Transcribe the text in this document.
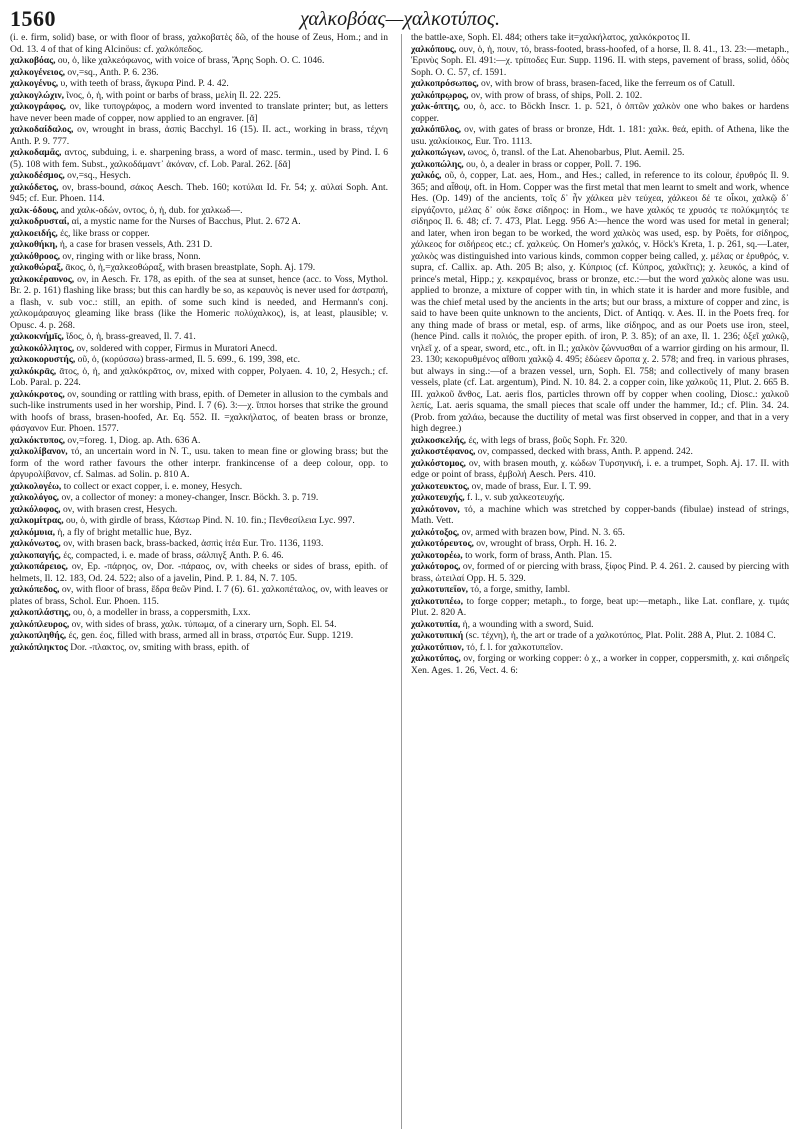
1560	χαλκοβόας—χαλκοτύπος.
(i. e. firm, solid) base, or with floor of brass, χαλκοβατὲς δῶ, of the house of Zeus, Hom.; and in Od. 13. 4 of that of king Alcinöus: cf. χαλκόπεδος.
χαλκοβόας, ου, ὁ, like χαλκεόφωνος, with voice of brass, Ἄρης Soph. O. C. 1046.
χαλκογένειος, ον,=sq., Anth. P. 6. 236.
χαλκογένυς, υ, with teeth of brass, ἄγκυρα Pind. P. 4. 42.
χαλκογλώχιν, ῖνος, ὁ, ἡ, with point or barbs of brass, μελίη Il. 22. 225.
χαλκογράφος, ον, like τυπογράφος, a modern word invented to translate printer; but, as letters have never been made of copper, now applied to an engraver. [ᾰ]
χαλκοδαίδαλος, ον, wrought in brass, ἀσπὶς Bacchyl. 16 (15). II. act., working in brass, τέχνη Anth. P. 9. 777.
χαλκοδαμᾶς, αντος, subduing, i. e. sharpening brass, a word of masc. termin., used by Pind. I. 6 (5). 108 with fem. Subst., χαλκοδάμαντ᾽ ἀκόναν, cf. Lob. Paral. 262. [δᾰ]
χαλκοδέσμος, ον,=sq., Hesych.
χαλκόδετος, ον, brass-bound, σάκος Aesch. Theb. 160; κοτύλαι Id. Fr. 54; χ. αὐλαί Soph. Ant. 945; cf. Eur. Phoen. 114.
χαλκ-όδους, and χαλκ-οδών, οντος, ὁ, ἡ, dub. for χαλκωδ—.
χαλκοδρυσταί, αἱ, a mystic name for the Nurses of Bacchus, Plut. 2. 672 A.
χαλκοειδής, ές, like brass or copper.
χαλκοθήκη, ἡ, a case for brasen vessels, Ath. 231 D.
χαλκόθροος, ον, ringing with or like brass, Nonn.
χαλκοθώραξ, ᾱκος, ὁ, ἡ,=χαλκεοθώραξ, with brasen breastplate, Soph. Aj. 179.
χαλκοκέραυνος, ον, in Aesch. Fr. 178, as epith. of the sea at sunset, hence (acc. to Voss, Mythol. Br. 2. p. 161) flashing like brass; but this can hardly be so, as κεραυνὸς is never used for ἀστραπή, a flash, v. sub voc.: still, an epith. of some such kind is needed, and Hermann's conj. χαλκομάραυγος gleaming like brass (like the Homeric πολύχαλκος), is, at least, plausible; v. Opusc. 4. p. 268.
χαλκοκνήμῑς, ῖδος, ὁ, ἡ, brass-greaved, Il. 7. 41.
χαλκοκόλλητος, ον, soldered with copper, Firmus in Muratori Anecd.
χαλκοκορυστής, οῦ, ὁ, (κορύσσω) brass-armed, Il. 5. 699., 6. 199, 398, etc.
χαλκόκρᾱς, ᾱτος, ὁ, ἡ, and χαλκόκρᾱτος, ον, mixed with copper, Polyaen. 4. 10, 2, Hesych.; cf. Lob. Paral. p. 224.
χαλκόκροτος, ον, sounding or rattling with brass, epith. of Demeter in allusion to the cymbals and such-like instruments used in her worship, Pind. I. 7 (6). 3:—χ. ἵπποι horses that strike the ground with hoofs of brass, brasen-hoofed, Ar. Eq. 552. II. =χαλκήλατος, of beaten brass or bronze, φάσγανον Eur. Phoen. 1577.
χαλκόκτυπος, ον,=foreg. 1, Diog. ap. Ath. 636 A.
χαλκολίβανον, τό, an uncertain word in N. T., usu. taken to mean fine or glowing brass; but the form of the word rather favours the other interpr. frankincense of a deep colour, opp. to ἀργυρολίβανον, cf. Salmas. ad Solin. p. 810 A.
χαλκολογέω, to collect or exact copper, i. e. money, Hesych.
χαλκολόγος, ον, a collector of money: a money-changer, Inscr. Böckh. 3. p. 719.
χαλκόλοφος, ον, with brasen crest, Hesych.
χαλκομίτρας, ου, ὁ, with girdle of brass, Κάστωρ Pind. N. 10. fin.; Πενθεσίλεια Lyc. 997.
χαλκόμυια, ἡ, a fly of bright metallic hue, Byz.
χαλκόνωτος, ον, with brasen back, brass-backed, ἀσπὶς ἰτέα Eur. Tro. 1136, 1193.
χαλκοπαγής, ές, compacted, i. e. made of brass, σάλπιγξ Anth. P. 6. 46.
χαλκοπάρειος, ον, Ep. -πάρηος, ον, Dor. -πάραος, ον, with cheeks or sides of brass, epith. of helmets, Il. 12. 183, Od. 24. 522; also of a javelin, Pind. P. 1. 84, N. 7. 105.
χαλκόπεδος, ον, with floor of brass, ἕδρα θεῶν Pind. I. 7 (6). 61. χαλκοπέταλος, ον, with leaves or plates of brass, Schol. Eur. Phoen. 115.
χαλκοπλάστης, ου, ὁ, a modeller in brass, a coppersmith, Lxx.
χαλκόπλευρος, ον, with sides of brass, χαλκ. τύπωμα, of a cinerary urn, Soph. El. 54.
χαλκοπληθής, ές, gen. έος, filled with brass, armed all in brass, στρατός Eur. Supp. 1219.
χαλκόπληκτος Dor. -πλακτος, ον, smiting with brass, epith. of
the battle-axe, Soph. El. 484; others take it=χαλκήλατος, χαλκόκροτος II.
χαλκόπους, ουν, ὁ, ἡ, πουν, τό, brass-footed, brass-hoofed, of a horse, Il. 8. 41., 13. 23:—metaph., Ἐρινὺς Soph. El. 491:—χ. τρίποδες Eur. Supp. 1196. II. with steps, pavement of brass, solid, ὁδὸς Soph. O. C. 57, cf. 1591.
χαλκοπρόσωπος, ον, with brow of brass, brasen-faced, like the ferreum os of Catull.
χαλκόπρῳρος, ον, with prow of brass, of ships, Poll. 2. 102.
χαλκ-όπτης, ου, ὁ, acc. to Böckh Inscr. 1. p. 521, ὁ ὀπτῶν χαλκὸν one who bakes or hardens copper.
χαλκόπῡλος, ον, with gates of brass or bronze, Hdt. 1. 181: χαλκ. θεά, epith. of Athena, like the usu. χαλκίοικος, Eur. Tro. 1113.
χαλκοπώγων, ωνος, ὁ, transl. of the Lat. Ahenobarbus, Plut. Aemil. 25.
χαλκοπώλης, ου, ὁ, a dealer in brass or copper, Poll. 7. 196.
χαλκός, οῦ, ὁ, copper, Lat. aes, Hom., and Hes.; called, in reference to its colour, ἐρυθρός Il. 9. 365; and αἶθοψ, oft. in Hom. Copper was the first metal that men learnt to smelt and work, whence Hes. (Op. 149) of the ancients, τοῖς δ᾽ ἦν χάλκεα μὲν τεύχεα, χάλκεοι δέ τε οἶκοι, χαλκῷ δ᾽ εἰργάζοντο, μέλας δ᾽ οὐκ ἔσκε σίδηρος: in Hom., we have χαλκός τε χρυσός τε πολύκμητός τε σίδηρος Il. 6. 48; cf. 7. 473, Plat. Legg. 956 A:—hence the word was used for metal in general; and later, when iron began to be worked, the word χαλκὸς was used, esp. by Poëts, for σίδηρος, χάλκεος for σιδήρεος etc.; cf. χαλκεύς. On Homer's χαλκός, v. Höck's Kreta, 1. p. 261, sq.—Later, χαλκὸς was distinguished into various kinds, common copper being called, χ. μέλας or ἐρυθρός, v. supra, cf. Callix. ap. Ath. 205 B; also, χ. Κύπριος (cf. Κύπρος, χαλκῖτις); χ. λευκός, a kind of prince's metal, Hipp.; χ. κεκραμένος, brass or bronze, etc.:—but the word χαλκὸς alone was usu. applied to bronze, a mixture of copper with tin, in which state it is harder and more fusible, and was the chief metal used by the ancients in the arts; but our brass, a mixture of copper and zinc, is said to have been quite unknown to the ancients, Dict. of Antiqq. v. Aes. II. in the Poets freq. for any thing made of brass or metal, esp. of arms, like σίδηρος, and as our Poets use iron, steel, (hence Pind. calls it πολιός, the proper epith. of iron, P. 3. 85); of an axe, Il. 1. 236; ὀξεῖ χαλκῷ, νηλεῖ χ. of a spear, sword, etc., oft. in Il.; χαλκὸν ζώννυσθαι of a warrior girding on his armour, Il. 23. 130; κεκορυθμένος αἴθοπι χαλκῷ 4. 495; ἑδώεεν ὤροπα χ. 2. 578; and freq. in various phrases, but always in sing.:—of a brazen vessel, urn, Soph. El. 758; and collectively of many brasen vessels, plate (cf. Lat. argentum), Pind. N. 10. 84. 2. a copper coin, like χαλκοῦς 11, Plut. 2. 665 B. III. χαλκοῦ ἄνθος, Lat. aeris flos, particles thrown off by copper when cooling, Diosc.: χαλκοῦ λεπίς, Lat. aeris squama, the small pieces that scale off under the hammer, Id.; cf. Plin. 34. 24. (Prob. from χαλάω, because the ductility of metal was first observed in copper, and that in a very high degree.)
χαλκοσκελής, ές, with legs of brass, βοῦς Soph. Fr. 320.
χαλκοστέφανος, ον, compassed, decked with brass, Anth. P. append. 242.
χαλκόστομος, ον, with brasen mouth, χ. κώδων Τυρσηνική, i. e. a trumpet, Soph. Aj. 17. II. with edge or point of brass, ἐμβολή Aesch. Pers. 410.
χαλκοτευκτος, ον, made of brass, Eur. I. T. 99.
χαλκοτευχής, f. l., v. sub χαλκεοτευχής.
χαλκότονον, τό, a machine which was stretched by copper-bands (fibulae) instead of strings, Math. Vett.
χαλκότοξος, ον, armed with brazen bow, Pind. N. 3. 65.
χαλκοτόρευτος, ον, wrought of brass, Orph. H. 16. 2.
χαλκοτορέω, to work, form of brass, Anth. Plan. 15.
χαλκότορος, ον, formed of or piercing with brass, ξίφος Pind. P. 4. 261. 2. caused by piercing with brass, ὠτειλαί Opp. H. 5. 329.
χαλκοτυπεῖον, τό, a forge, smithy, Iambl.
χαλκοτυπέω, to forge copper; metaph., to forge, beat up:—metaph., like Lat. conflare, χ. τιμάς Plut. 2. 820 A.
χαλκοτυπία, ἡ, a wounding with a sword, Suid.
χαλκοτυπική (sc. τέχνη), ἡ, the art or trade of a χαλκοτύπος, Plat. Polit. 288 A, Plut. 2. 1084 C.
χαλκοτύπιον, τό, f. l. for χαλκοτυπεῖον.
χαλκοτύπος, ον, forging or working copper: ὁ χ., a worker in copper, coppersmith, χ. καὶ σιδηρεῖς Xen. Ages. 1. 26, Vect. 4. 6:
